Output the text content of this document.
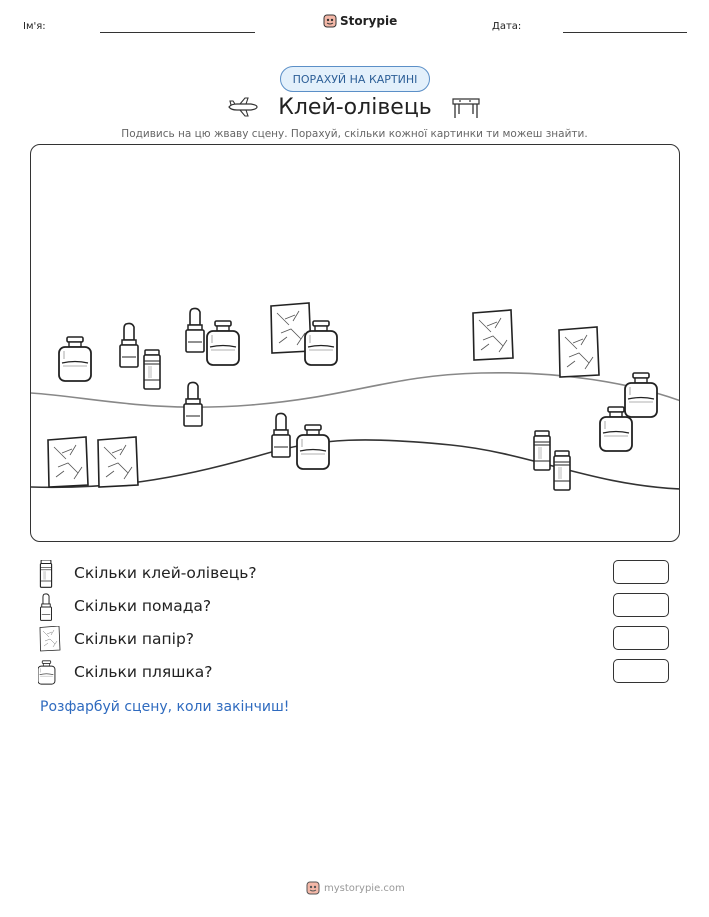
Ім'я:	Storypie	Дата:
ПОРАХУЙ НА КАРТИНІ
Клей-олівець
Подивись на цю жваву сцену. Порахуй, скільки кожної картинки ти можеш знайти.
Скільки клей-олівець?
Скільки помада?
Скільки папір?
Скільки пляшка?
Розфарбуй сцену, коли закінчиш!
mystorypie.com
